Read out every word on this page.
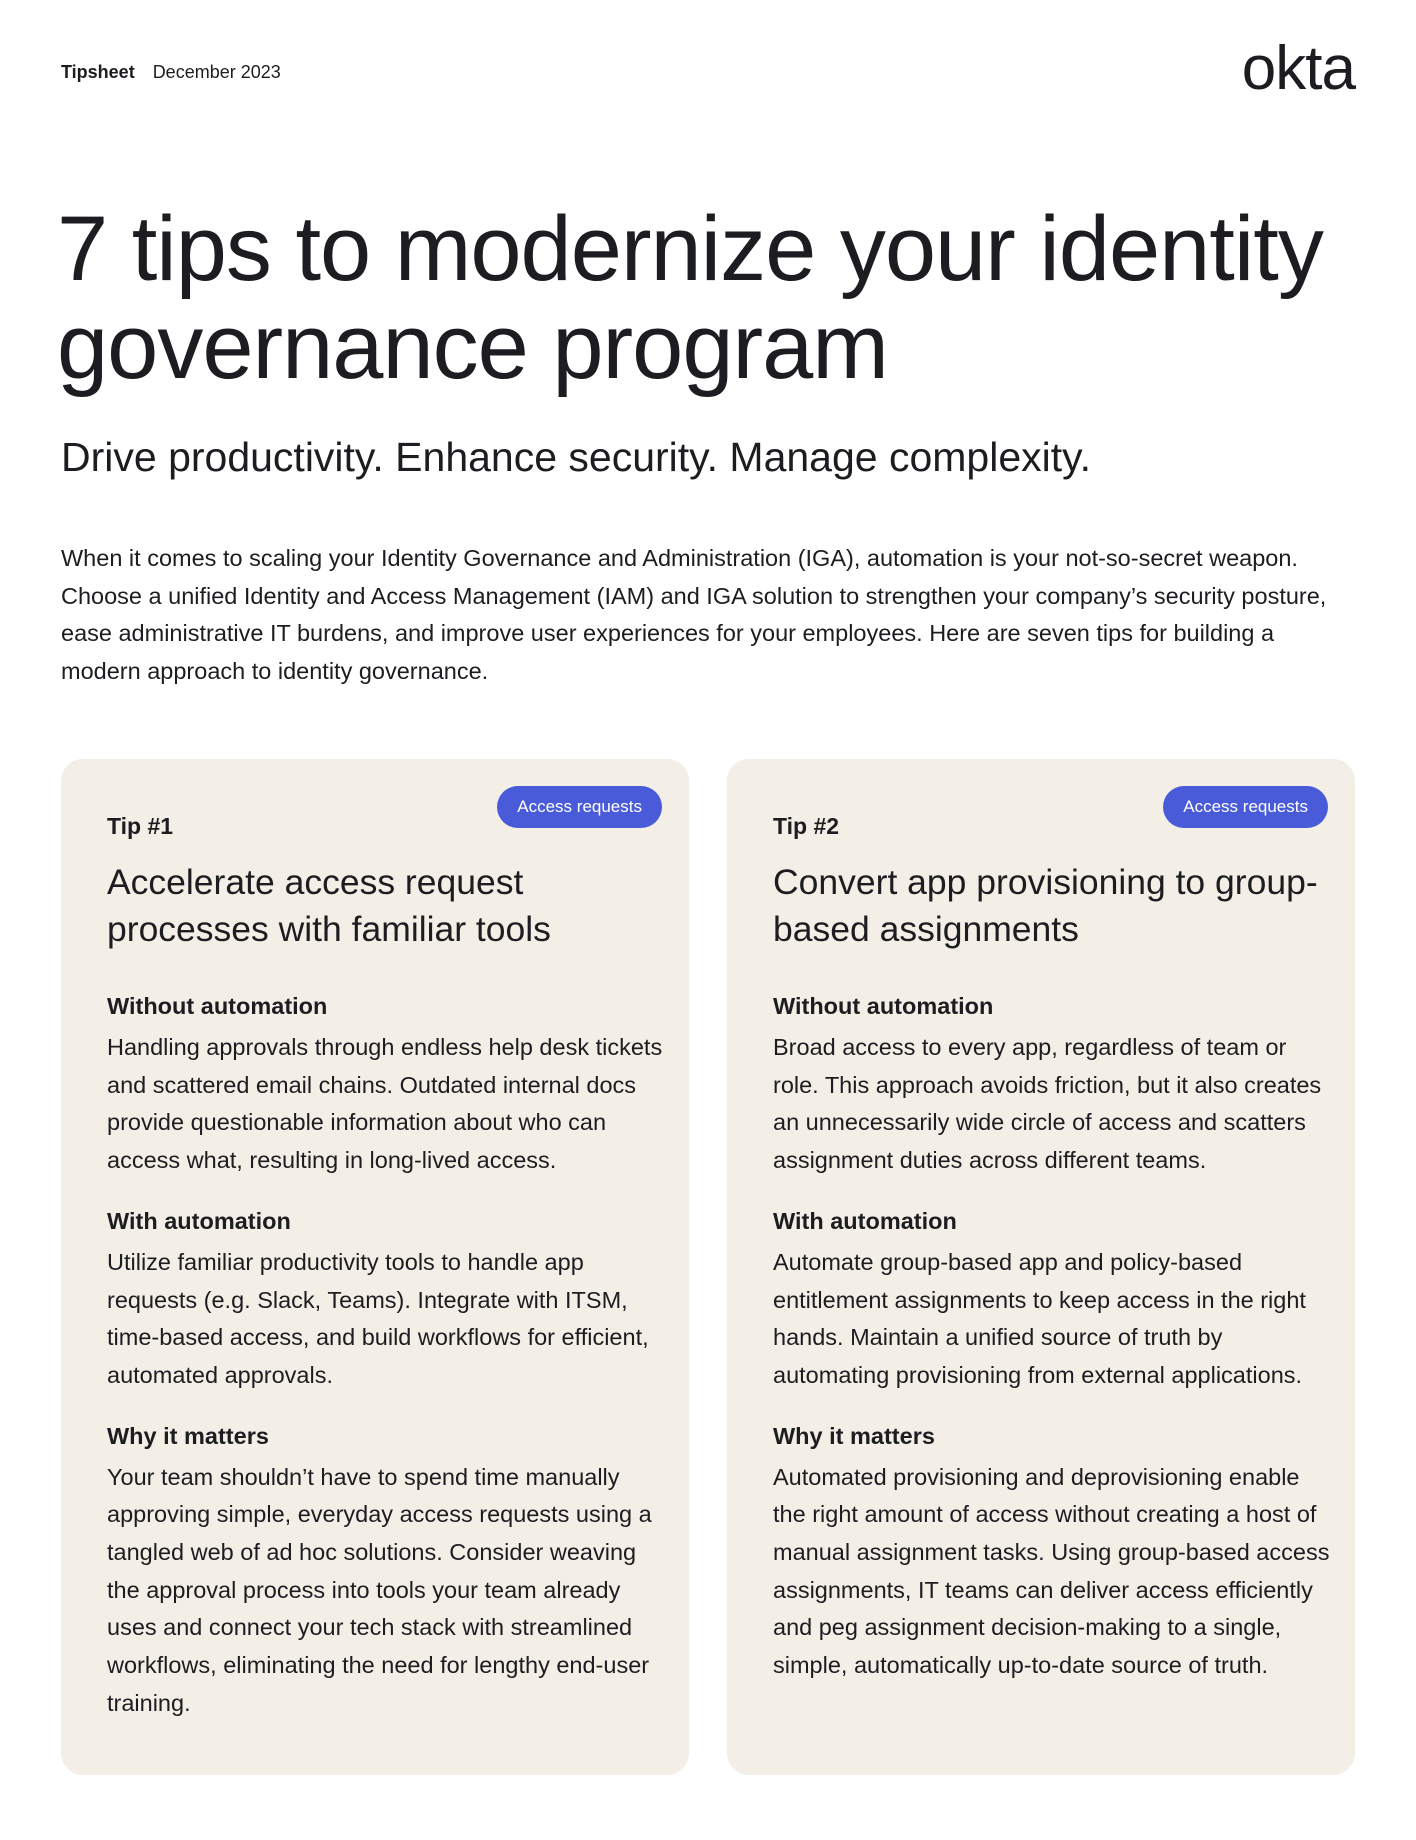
Tipsheet December 2023	okta
7 tips to modernize your identity governance program
Drive productivity. Enhance security. Manage complexity.

When it comes to scaling your Identity Governance and Administration (IGA), automation is your not-so-secret weapon. Choose a unified Identity and Access Management (IAM) and IGA solution to strengthen your company’s security posture, ease administrative IT burdens, and improve user experiences for your employees. Here are seven tips for building a modern approach to identity governance.

Access requests
Tip #1
Accelerate access request processes with familiar tools
Without automation
Handling approvals through endless help desk tickets and scattered email chains. Outdated internal docs provide questionable information about who can access what, resulting in long-lived access.
With automation
Utilize familiar productivity tools to handle app requests (e.g. Slack, Teams). Integrate with ITSM, time-based access, and build workflows for efficient, automated approvals.
Why it matters
Your team shouldn’t have to spend time manually approving simple, everyday access requests using a tangled web of ad hoc solutions. Consider weaving the approval process into tools your team already uses and connect your tech stack with streamlined workflows, eliminating the need for lengthy end-user training.
Access requests
Tip #2
Convert app provisioning to group-based assignments
Without automation
Broad access to every app, regardless of team or role. This approach avoids friction, but it also creates an unnecessarily wide circle of access and scatters assignment duties across different teams.
With automation
Automate group-based app and policy-based entitlement assignments to keep access in the right hands. Maintain a unified source of truth by automating provisioning from external applications.
Why it matters
Automated provisioning and deprovisioning enable the right amount of access without creating a host of manual assignment tasks. Using group-based access assignments, IT teams can deliver access efficiently and peg assignment decision-making to a single, simple, automatically up-to-date source of truth.
